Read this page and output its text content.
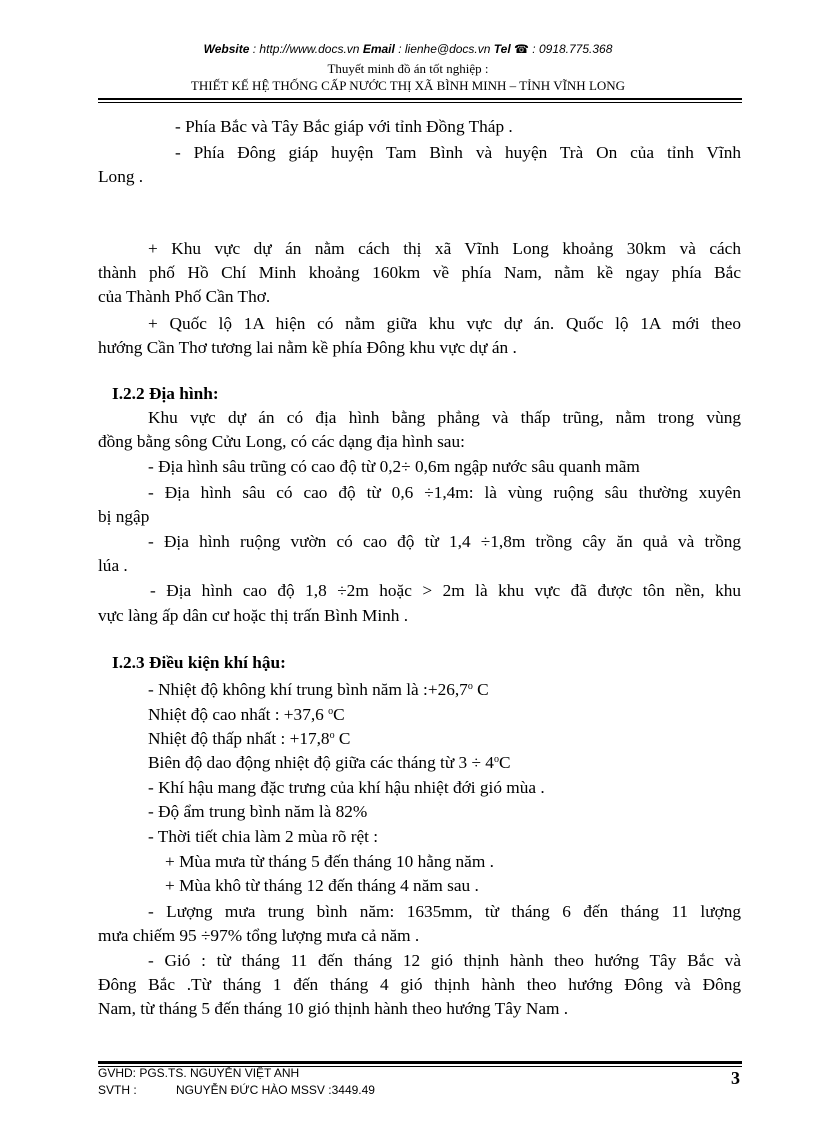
Website : http://www.docs.vn Email : lienhe@docs.vn Tel ☎ : 0918.775.368
Thuyết minh đồ án tốt nghiệp :
THIẾT KẾ HỆ THỐNG CẤP NƯỚC THỊ XÃ BÌNH MINH – TỈNH VĨNH LONG
- Phía Bắc và Tây Bắc giáp với tỉnh Đồng Tháp .
- Phía Đông giáp huyện Tam Bình và huyện Trà On của tỉnh Vĩnh
Long .
+ Khu vực dự án nằm cách thị xã Vĩnh Long khoảng 30km và cách
thành phố Hồ Chí Minh khoảng 160km về phía Nam, nằm kề ngay phía Bắc
của Thành Phố Cần Thơ.
+ Quốc lộ 1A hiện có nằm giữa khu vực dự án. Quốc lộ 1A mới theo
hướng Cần Thơ tương lai nằm kề phía Đông khu vực dự án .
I.2.2 Địa hình:
Khu vực dự án có địa hình bằng phẳng và thấp trũng, nằm trong vùng
đồng bằng sông Cửu Long, có các dạng địa hình sau:
- Địa hình sâu trũng có cao độ từ 0,2÷ 0,6m ngập nước sâu quanh mãm
- Địa hình sâu có cao độ từ 0,6 ÷1,4m: là vùng ruộng sâu thường xuyên
bị ngập
- Địa hình ruộng vườn có cao độ từ 1,4 ÷1,8m trồng cây ăn quả và trồng
lúa .
- Địa hình cao độ 1,8 ÷2m hoặc > 2m là khu vực đã được tôn nền, khu
vực làng ấp dân cư hoặc thị trấn Bình Minh .
I.2.3 Điều kiện khí hậu:
- Nhiệt độ không khí trung bình năm là $:+26,7^o$ C
Nhiệt độ cao nhất : +37,6 $^o$C
Nhiệt độ thấp nhất : $+17,8^o$ C
Biên độ dao động nhiệt độ giữa các tháng từ $3 \div 4^oC$
- Khí hậu mang đặc trưng của khí hậu nhiệt đới gió mùa .
- Độ ẩm trung bình năm là 82%
- Thời tiết chia làm 2 mùa rõ rệt :
+ Mùa mưa từ tháng 5 đến tháng 10 hằng năm .
+ Mùa khô từ tháng 12 đến tháng 4 năm sau .
- Lượng mưa trung bình năm: 1635mm, từ tháng 6 đến tháng 11 lượng
mưa chiếm 95 ÷97% tổng lượng mưa cả năm .
- Gió : từ tháng 11 đến tháng 12 gió thịnh hành theo hướng Tây Bắc và
Đông Bắc .Từ tháng 1 đến tháng 4 gió thịnh hành theo hướng Đông và Đông
Nam, từ tháng 5 đến tháng 10 gió thịnh hành theo hướng Tây Nam .
GVHD: PGS.TS. NGUYỄN VIỆT ANH
SVTH :	NGUYỄN ĐỨC HÀO MSSV :3449.49
3
